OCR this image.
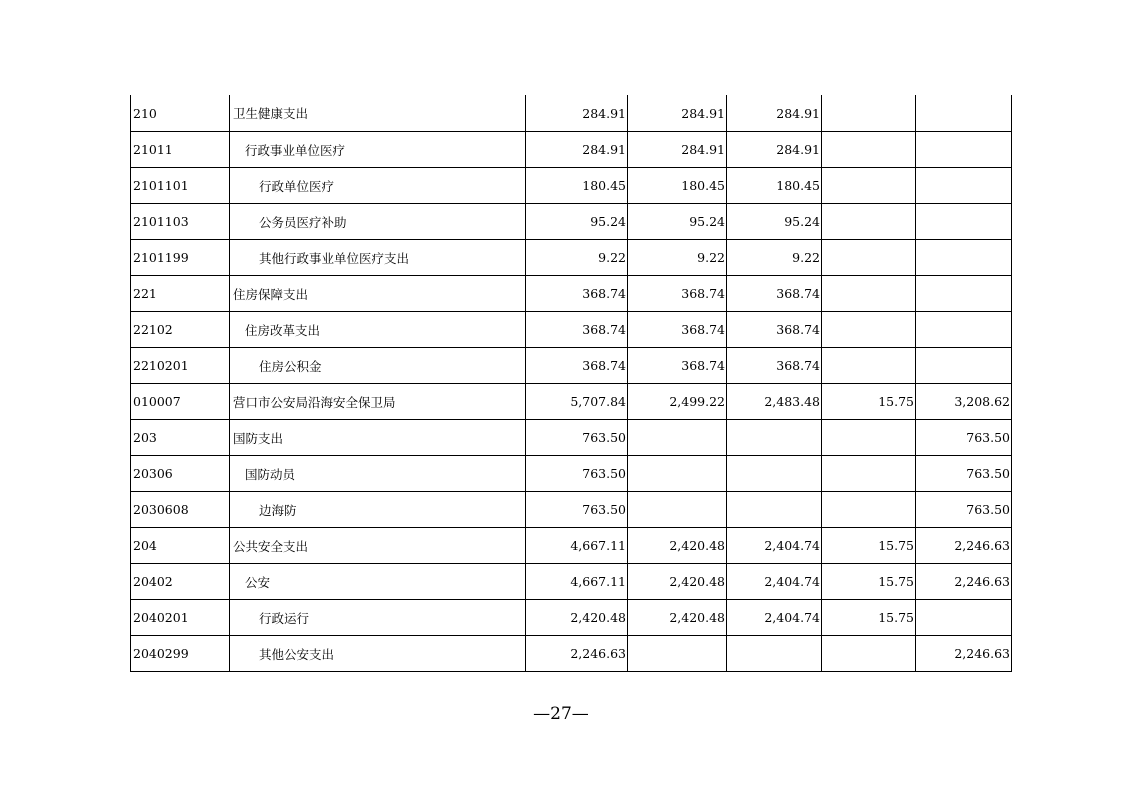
210	卫生健康支出	284.91	284.91	284.91		
21011	行政事业单位医疗	284.91	284.91	284.91		
2101101	行政单位医疗	180.45	180.45	180.45		
2101103	公务员医疗补助	95.24	95.24	95.24		
2101199	其他行政事业单位医疗支出	9.22	9.22	9.22		
221	住房保障支出	368.74	368.74	368.74		
22102	住房改革支出	368.74	368.74	368.74		
2210201	住房公积金	368.74	368.74	368.74		
010007	营口市公安局沿海安全保卫局	5,707.84	2,499.22	2,483.48	15.75	3,208.62
203	国防支出	763.50				763.50
20306	国防动员	763.50				763.50
2030608	边海防	763.50				763.50
204	公共安全支出	4,667.11	2,420.48	2,404.74	15.75	2,246.63
20402	公安	4,667.11	2,420.48	2,404.74	15.75	2,246.63
2040201	行政运行	2,420.48	2,420.48	2,404.74	15.75	
2040299	其他公安支出	2,246.63				2,246.63
—27—
